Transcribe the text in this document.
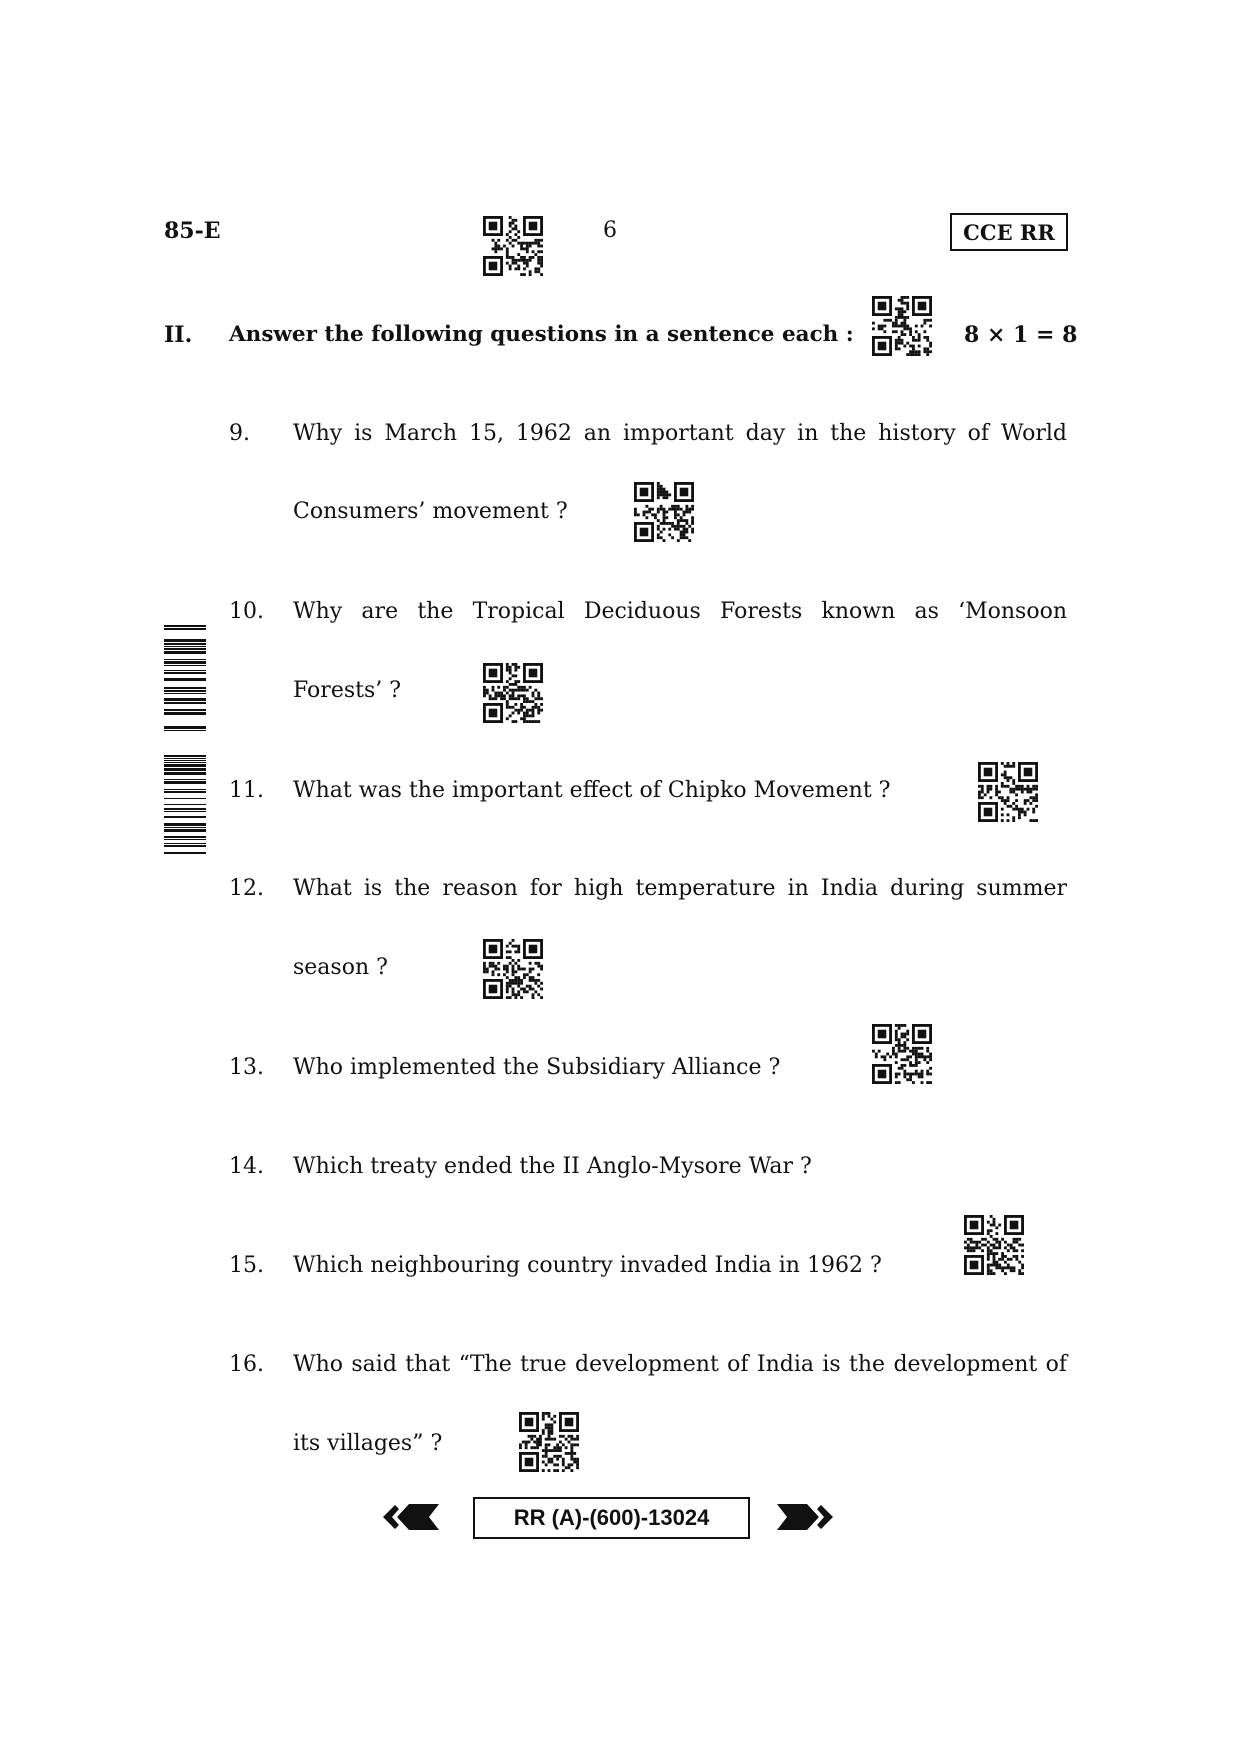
85-E	6	CCE RR
II. Answer the following questions in a sentence each :	8 × 1 = 8
9.	Why is March 15, 1962 an important day in the history of World
Consumers’ movement ?
10.	Why are the Tropical Deciduous Forests known as ‘Monsoon
Forests’ ?
11.	What was the important effect of Chipko Movement ?
12.	What is the reason for high temperature in India during summer
season ?
13.	Who implemented the Subsidiary Alliance ?
14.	Which treaty ended the II Anglo-Mysore War ?
15.	Which neighbouring country invaded India in 1962 ?
16.	Who said that “The true development of India is the development of
its villages” ?
RR (A)-(600)-13024
